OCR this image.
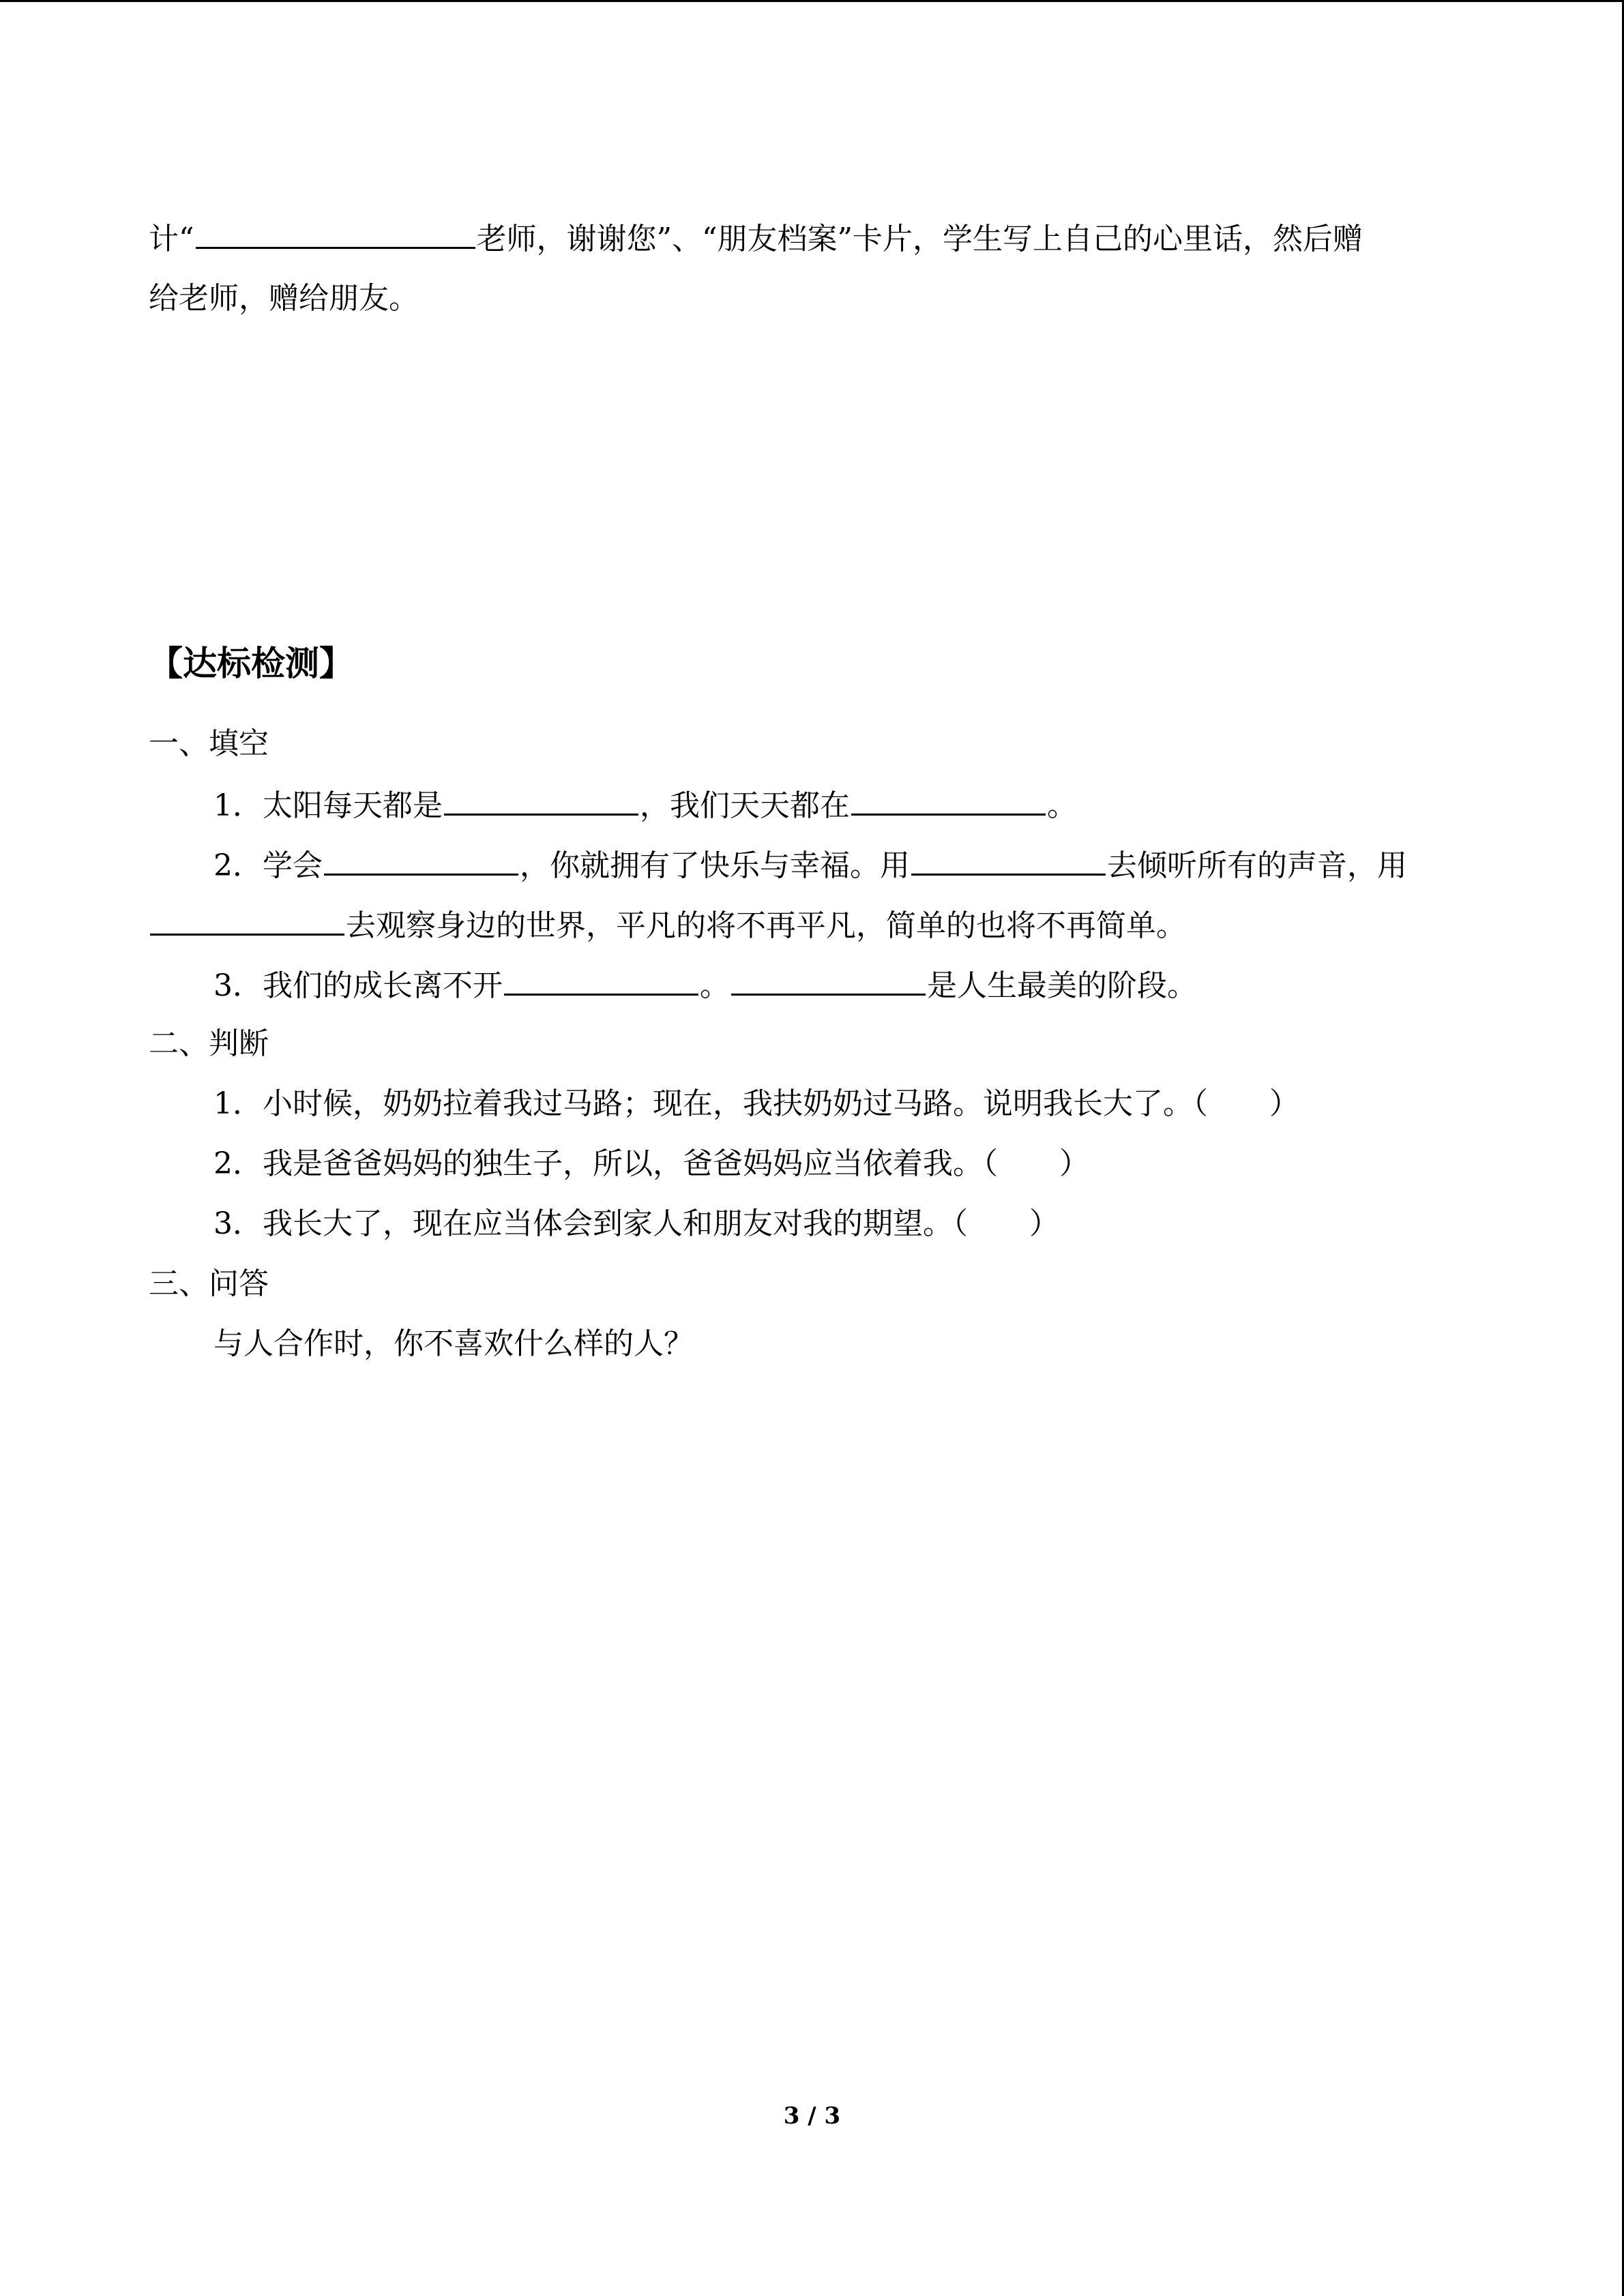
计“	老师，谢谢您”、“朋友档案”卡片，学生写上自己的心里话，然后赠
给老师，赠给朋友。
【达标检测】
一、填空
1．太阳每天都是	，我们天天都在	。
2．学会	，你就拥有了快乐与幸福。用	去倾听所有的声音，用
去观察身边的世界，平凡的将不再平凡，简单的也将不再简单。
3．我们的成长离不开	。	是人生最美的阶段。
二、判断
1．小时候，奶奶拉着我过马路；现在，我扶奶奶过马路。说明我长大了。（ ）
2．我是爸爸妈妈的独生子，所以，爸爸妈妈应当依着我。（ ）
3．我长大了，现在应当体会到家人和朋友对我的期望。（ ）
三、问答
与人合作时，你不喜欢什么样的人？
3 / 3
